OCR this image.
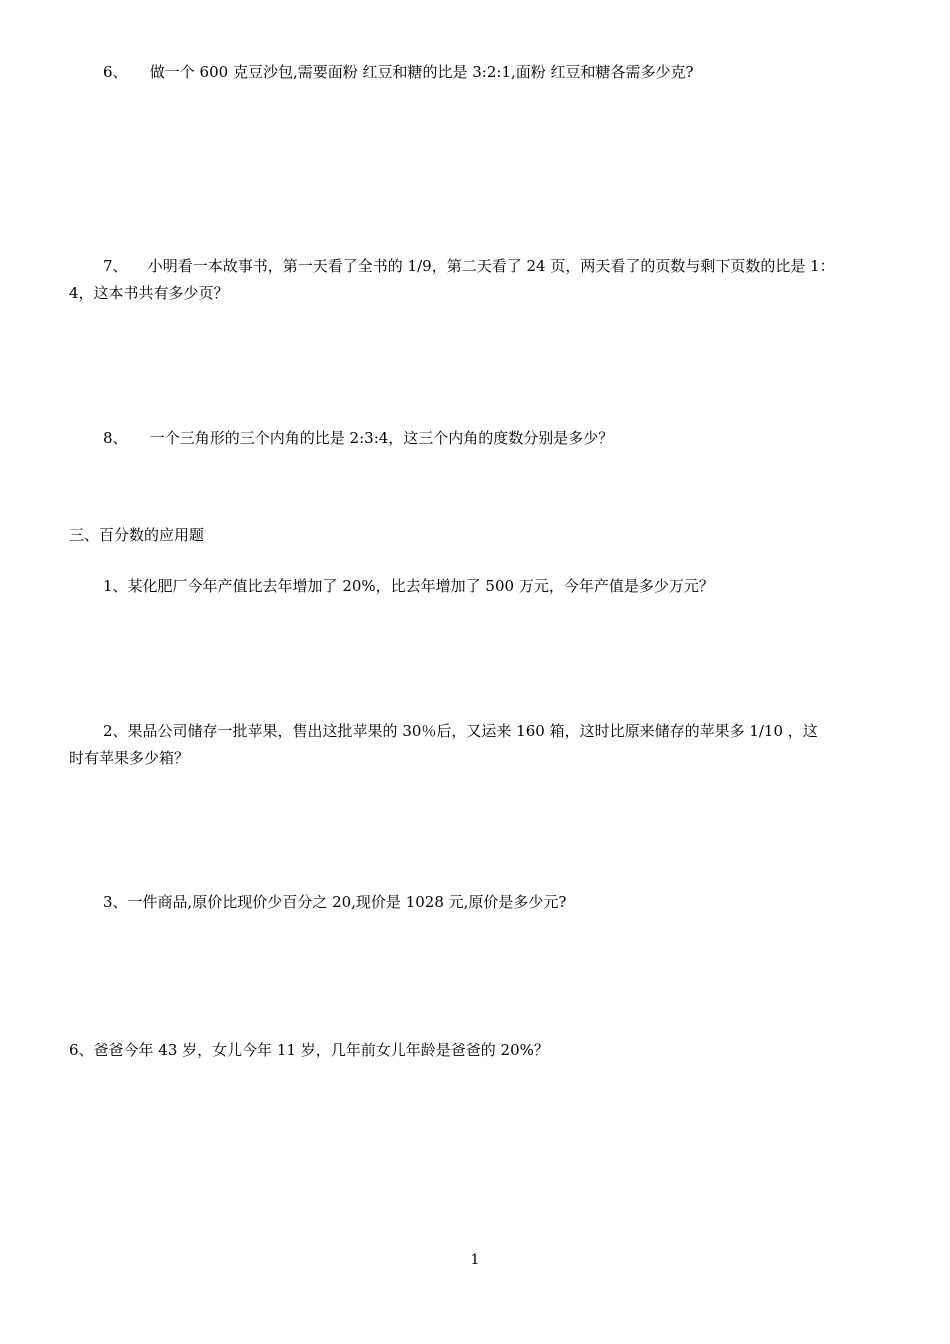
6、 做一个 600 克豆沙包,需要面粉 红豆和糖的比是 3:2:1,面粉 红豆和糖各需多少克?
7、 小明看一本故事书，第一天看了全书的 1/9，第二天看了 24 页，两天看了的页数与剩下页数的比是 1：
4，这本书共有多少页？
8、 一个三角形的三个内角的比是 2:3:4，这三个内角的度数分别是多少？
三、百分数的应用题
1、某化肥厂今年产值比去年增加了 20%，比去年增加了 500 万元，今年产值是多少万元？
2、果品公司储存一批苹果，售出这批苹果的 30％后，又运来 160 箱，这时比原来储存的苹果多 1/10 ，这
时有苹果多少箱？
3、一件商品,原价比现价少百分之 20,现价是 1028 元,原价是多少元?
6、爸爸今年 43 岁，女儿今年 11 岁，几年前女儿年龄是爸爸的 20%？
1
